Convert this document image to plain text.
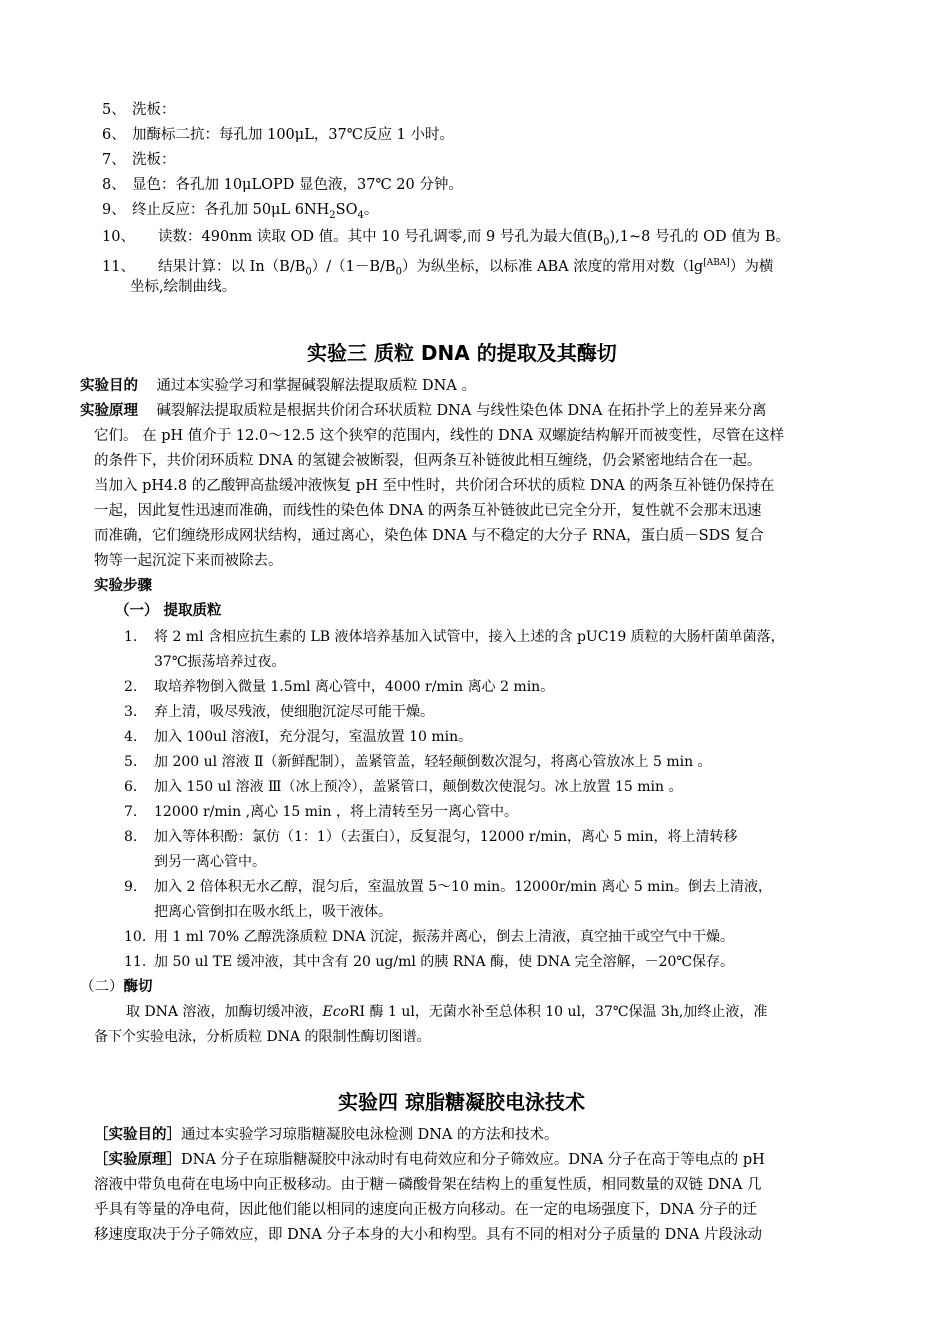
5、 洗板：
6、 加酶标二抗：每孔加 100μL，37℃反应 1 小时。
7、 洗板：
8、 显色：各孔加 10μLOPD 显色液，37℃ 20 分钟。
9、 终止反应：各孔加 50μL $6NH_2SO_4$。
10、 读数：490nm 读取 OD 值。其中 10 号孔调零,而 9 号孔为最大值$(B_0),1\sim 8$ 号孔的 OD 值为 B。
11、 结果计算：以 $In(B/B_0)/(1-B/B_0)$为纵坐标，以标准 ABA 浓度的常用对数（lg[ABA]）为横
坐标,绘制曲线。
实验三 质粒 DNA 的提取及其酶切
实验目的 通过本实验学习和掌握碱裂解法提取质粒 DNA 。
实验原理 碱裂解法提取质粒是根据共价闭合环状质粒 DNA 与线性染色体 DNA 在拓扑学上的差异来分离
它们。 在 pH 值介于 12.0～12.5 这个狭窄的范围内，线性的 DNA 双螺旋结构解开而被变性，尽管在这样
的条件下，共价闭环质粒 DNA 的氢键会被断裂，但两条互补链彼此相互缠绕，仍会紧密地结合在一起。
当加入 pH4.8 的乙酸钾高盐缓冲液恢复 pH 至中性时，共价闭合环状的质粒 DNA 的两条互补链仍保持在
一起，因此复性迅速而准确，而线性的染色体 DNA 的两条互补链彼此已完全分开，复性就不会那末迅速
而准确，它们缠绕形成网状结构，通过离心，染色体 DNA 与不稳定的大分子 RNA，蛋白质－SDS 复合
物等一起沉淀下来而被除去。
实验步骤
（一） 提取质粒
1. 将 2 ml 含相应抗生素的 LB 液体培养基加入试管中，接入上述的含 pUC19 质粒的大肠杆菌单菌落，
37℃振荡培养过夜。
2. 取培养物倒入微量 1.5ml 离心管中，4000 r/min 离心 2 min。
3. 弃上清，吸尽残液，使细胞沉淀尽可能干燥。
4. 加入 100ul 溶液Ⅰ，充分混匀，室温放置 10 min。
5. 加 200 ul 溶液 Ⅱ（新鲜配制），盖紧管盖，轻轻颠倒数次混匀，将离心管放冰上 5 min 。
6. 加入 150 ul 溶液 Ⅲ（冰上预冷），盖紧管口，颠倒数次使混匀。冰上放置 15 min 。
7. 12000 r/min ,离心 15 min ，将上清转至另一离心管中。
8. 加入等体积酚：氯仿（1：1）（去蛋白），反复混匀，12000 r/min，离心 5 min，将上清转移
到另一离心管中。
9. 加入 2 倍体积无水乙醇，混匀后，室温放置 5～10 min。12000r/min 离心 5 min。倒去上清液，
把离心管倒扣在吸水纸上，吸干液体。
10. 用 1 ml 70% 乙醇洗涤质粒 DNA 沉淀，振荡并离心，倒去上清液，真空抽干或空气中干燥。
11. 加 50 ul TE 缓冲液，其中含有 20 ug/ml 的胰 RNA 酶，使 DNA 完全溶解，－20℃保存。
（二）酶切
取 DNA 溶液，加酶切缓冲液，EcoRI 酶 1 ul，无菌水补至总体积 10 ul，37℃保温 3h,加终止液，准
备下个实验电泳，分析质粒 DNA 的限制性酶切图谱。
实验四 琼脂糖凝胶电泳技术
［实验目的］通过本实验学习琼脂糖凝胶电泳检测 DNA 的方法和技术。
［实验原理］DNA 分子在琼脂糖凝胶中泳动时有电荷效应和分子筛效应。DNA 分子在高于等电点的 pH
溶液中带负电荷在电场中向正极移动。由于糖－磷酸骨架在结构上的重复性质，相同数量的双链 DNA 几
乎具有等量的净电荷，因此他们能以相同的速度向正极方向移动。在一定的电场强度下，DNA 分子的迁
移速度取决于分子筛效应，即 DNA 分子本身的大小和构型。具有不同的相对分子质量的 DNA 片段泳动
